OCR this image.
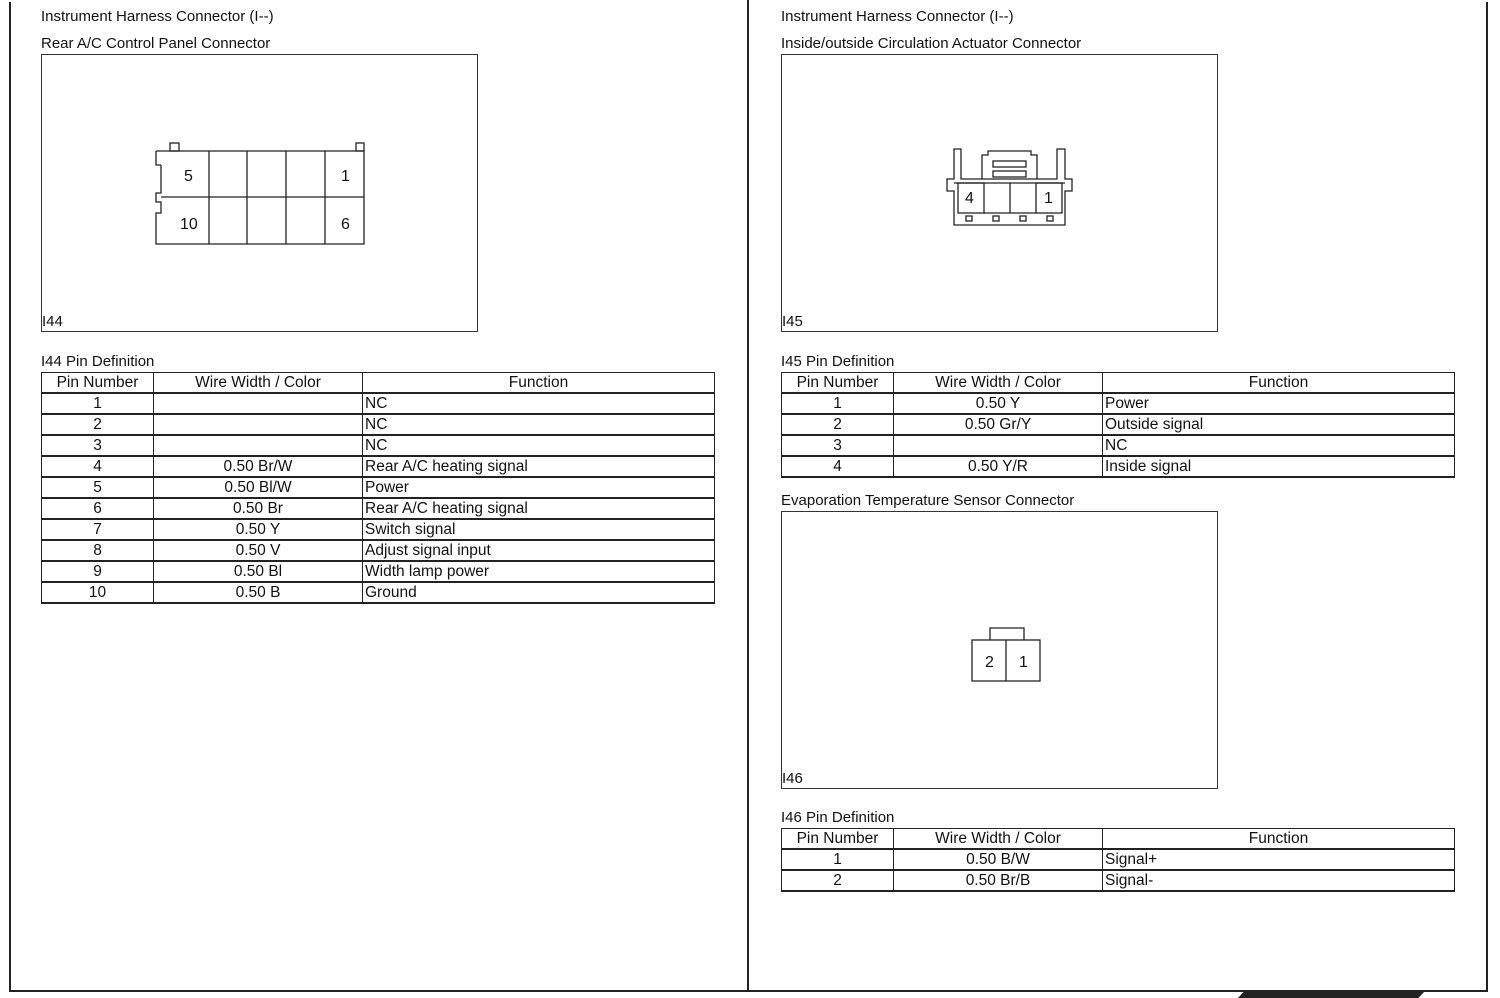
Instrument Harness Connector (I--)
Rear A/C Control Panel Connector
5	1
10	6
I44
I44 Pin Definition
Pin Number	Wire Width / Color	Function
1		NC
2		NC
3		NC
4	0.50 Br/W	Rear A/C heating signal
5	0.50 Bl/W	Power
6	0.50 Br	Rear A/C heating signal
7	0.50 Y	Switch signal
8	0.50 V	Adjust signal input
9	0.50 Bl	Width lamp power
10	0.50 B	Ground
Instrument Harness Connector (I--)
Inside/outside Circulation Actuator Connector
4	1
I45
I45 Pin Definition
Pin Number	Wire Width / Color	Function
1	0.50 Y	Power
2	0.50 Gr/Y	Outside signal
3		NC
4	0.50 Y/R	Inside signal
Evaporation Temperature Sensor Connector
2 1
I46
I46 Pin Definition
Pin Number	Wire Width / Color	Function
1	0.50 B/W	Signal+
2	0.50 Br/B	Signal-
